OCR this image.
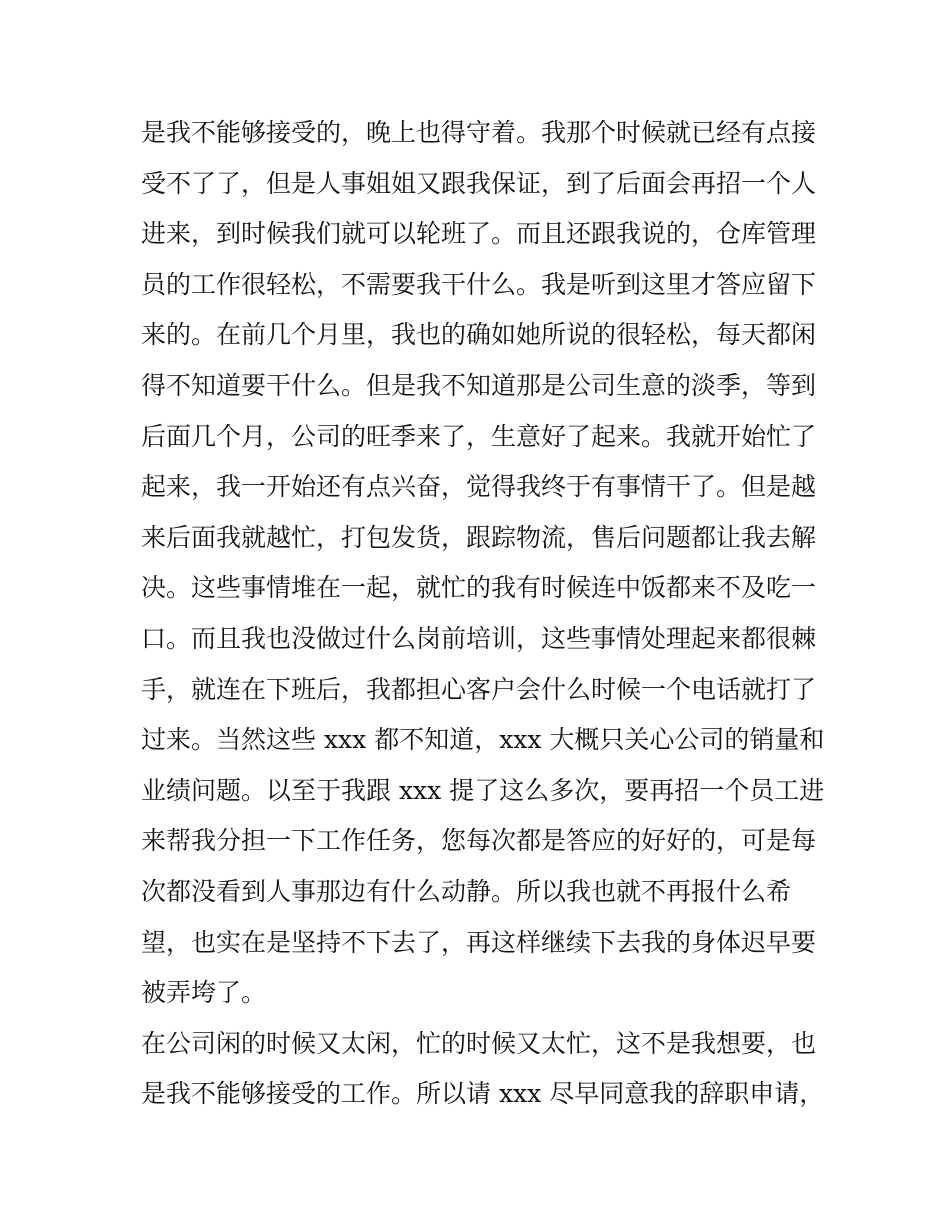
是我不能够接受的，晚上也得守着。我那个时候就已经有点接
受不了了，但是人事姐姐又跟我保证，到了后面会再招一个人
进来，到时候我们就可以轮班了。而且还跟我说的，仓库管理
员的工作很轻松，不需要我干什么。我是听到这里才答应留下
来的。在前几个月里，我也的确如她所说的很轻松，每天都闲
得不知道要干什么。但是我不知道那是公司生意的淡季，等到
后面几个月，公司的旺季来了，生意好了起来。我就开始忙了
起来，我一开始还有点兴奋，觉得我终于有事情干了。但是越
来后面我就越忙，打包发货，跟踪物流，售后问题都让我去解
决。这些事情堆在一起，就忙的我有时候连中饭都来不及吃一
口。而且我也没做过什么岗前培训，这些事情处理起来都很棘
手，就连在下班后，我都担心客户会什么时候一个电话就打了
过来。当然这些 xxx 都不知道，xxx 大概只关心公司的销量和
业绩问题。以至于我跟 xxx 提了这么多次，要再招一个员工进
来帮我分担一下工作任务，您每次都是答应的好好的，可是每
次都没看到人事那边有什么动静。所以我也就不再报什么希
望，也实在是坚持不下去了，再这样继续下去我的身体迟早要
被弄垮了。
在公司闲的时候又太闲，忙的时候又太忙，这不是我想要，也
是我不能够接受的工作。所以请 xxx 尽早同意我的辞职申请，
